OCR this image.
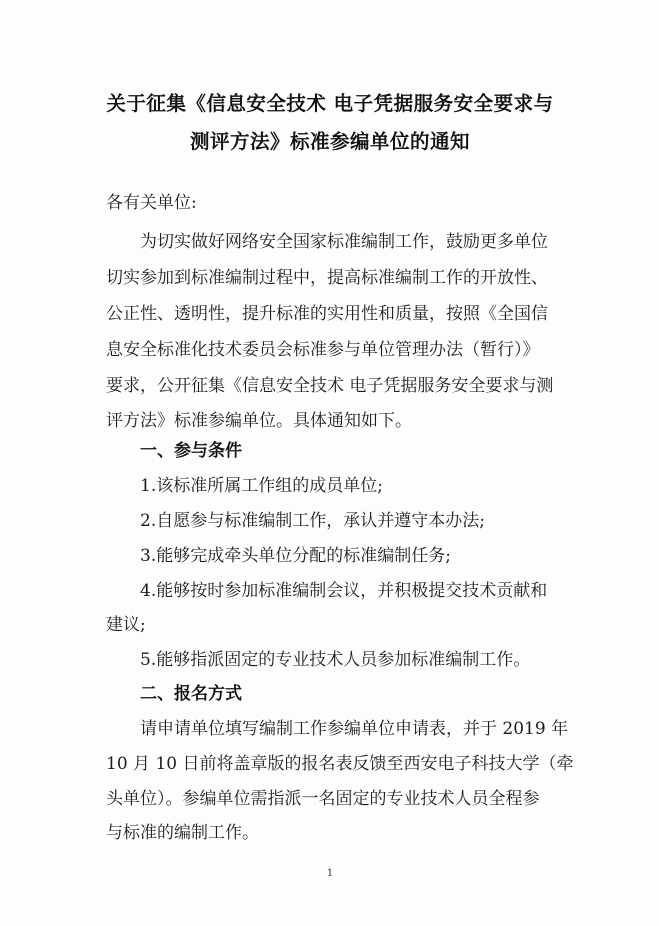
关于征集《信息安全技术 电子凭据服务安全要求与
测评方法》标准参编单位的通知
各有关单位:
为切实做好网络安全国家标准编制工作，鼓励更多单位
切实参加到标准编制过程中，提高标准编制工作的开放性、
公正性、透明性，提升标准的实用性和质量，按照《全国信
息安全标准化技术委员会标准参与单位管理办法（暂行）》
要求，公开征集《信息安全技术 电子凭据服务安全要求与测
评方法》标准参编单位。具体通知如下。
一、参与条件
1.该标准所属工作组的成员单位;
2.自愿参与标准编制工作，承认并遵守本办法;
3.能够完成牵头单位分配的标准编制任务;
4.能够按时参加标准编制会议，并积极提交技术贡献和
建议;
5.能够指派固定的专业技术人员参加标准编制工作。
二、报名方式
请申请单位填写编制工作参编单位申请表，并于 2019 年
10 月 10 日前将盖章版的报名表反馈至西安电子科技大学（牵
头单位）。参编单位需指派一名固定的专业技术人员全程参
与标准的编制工作。
1
